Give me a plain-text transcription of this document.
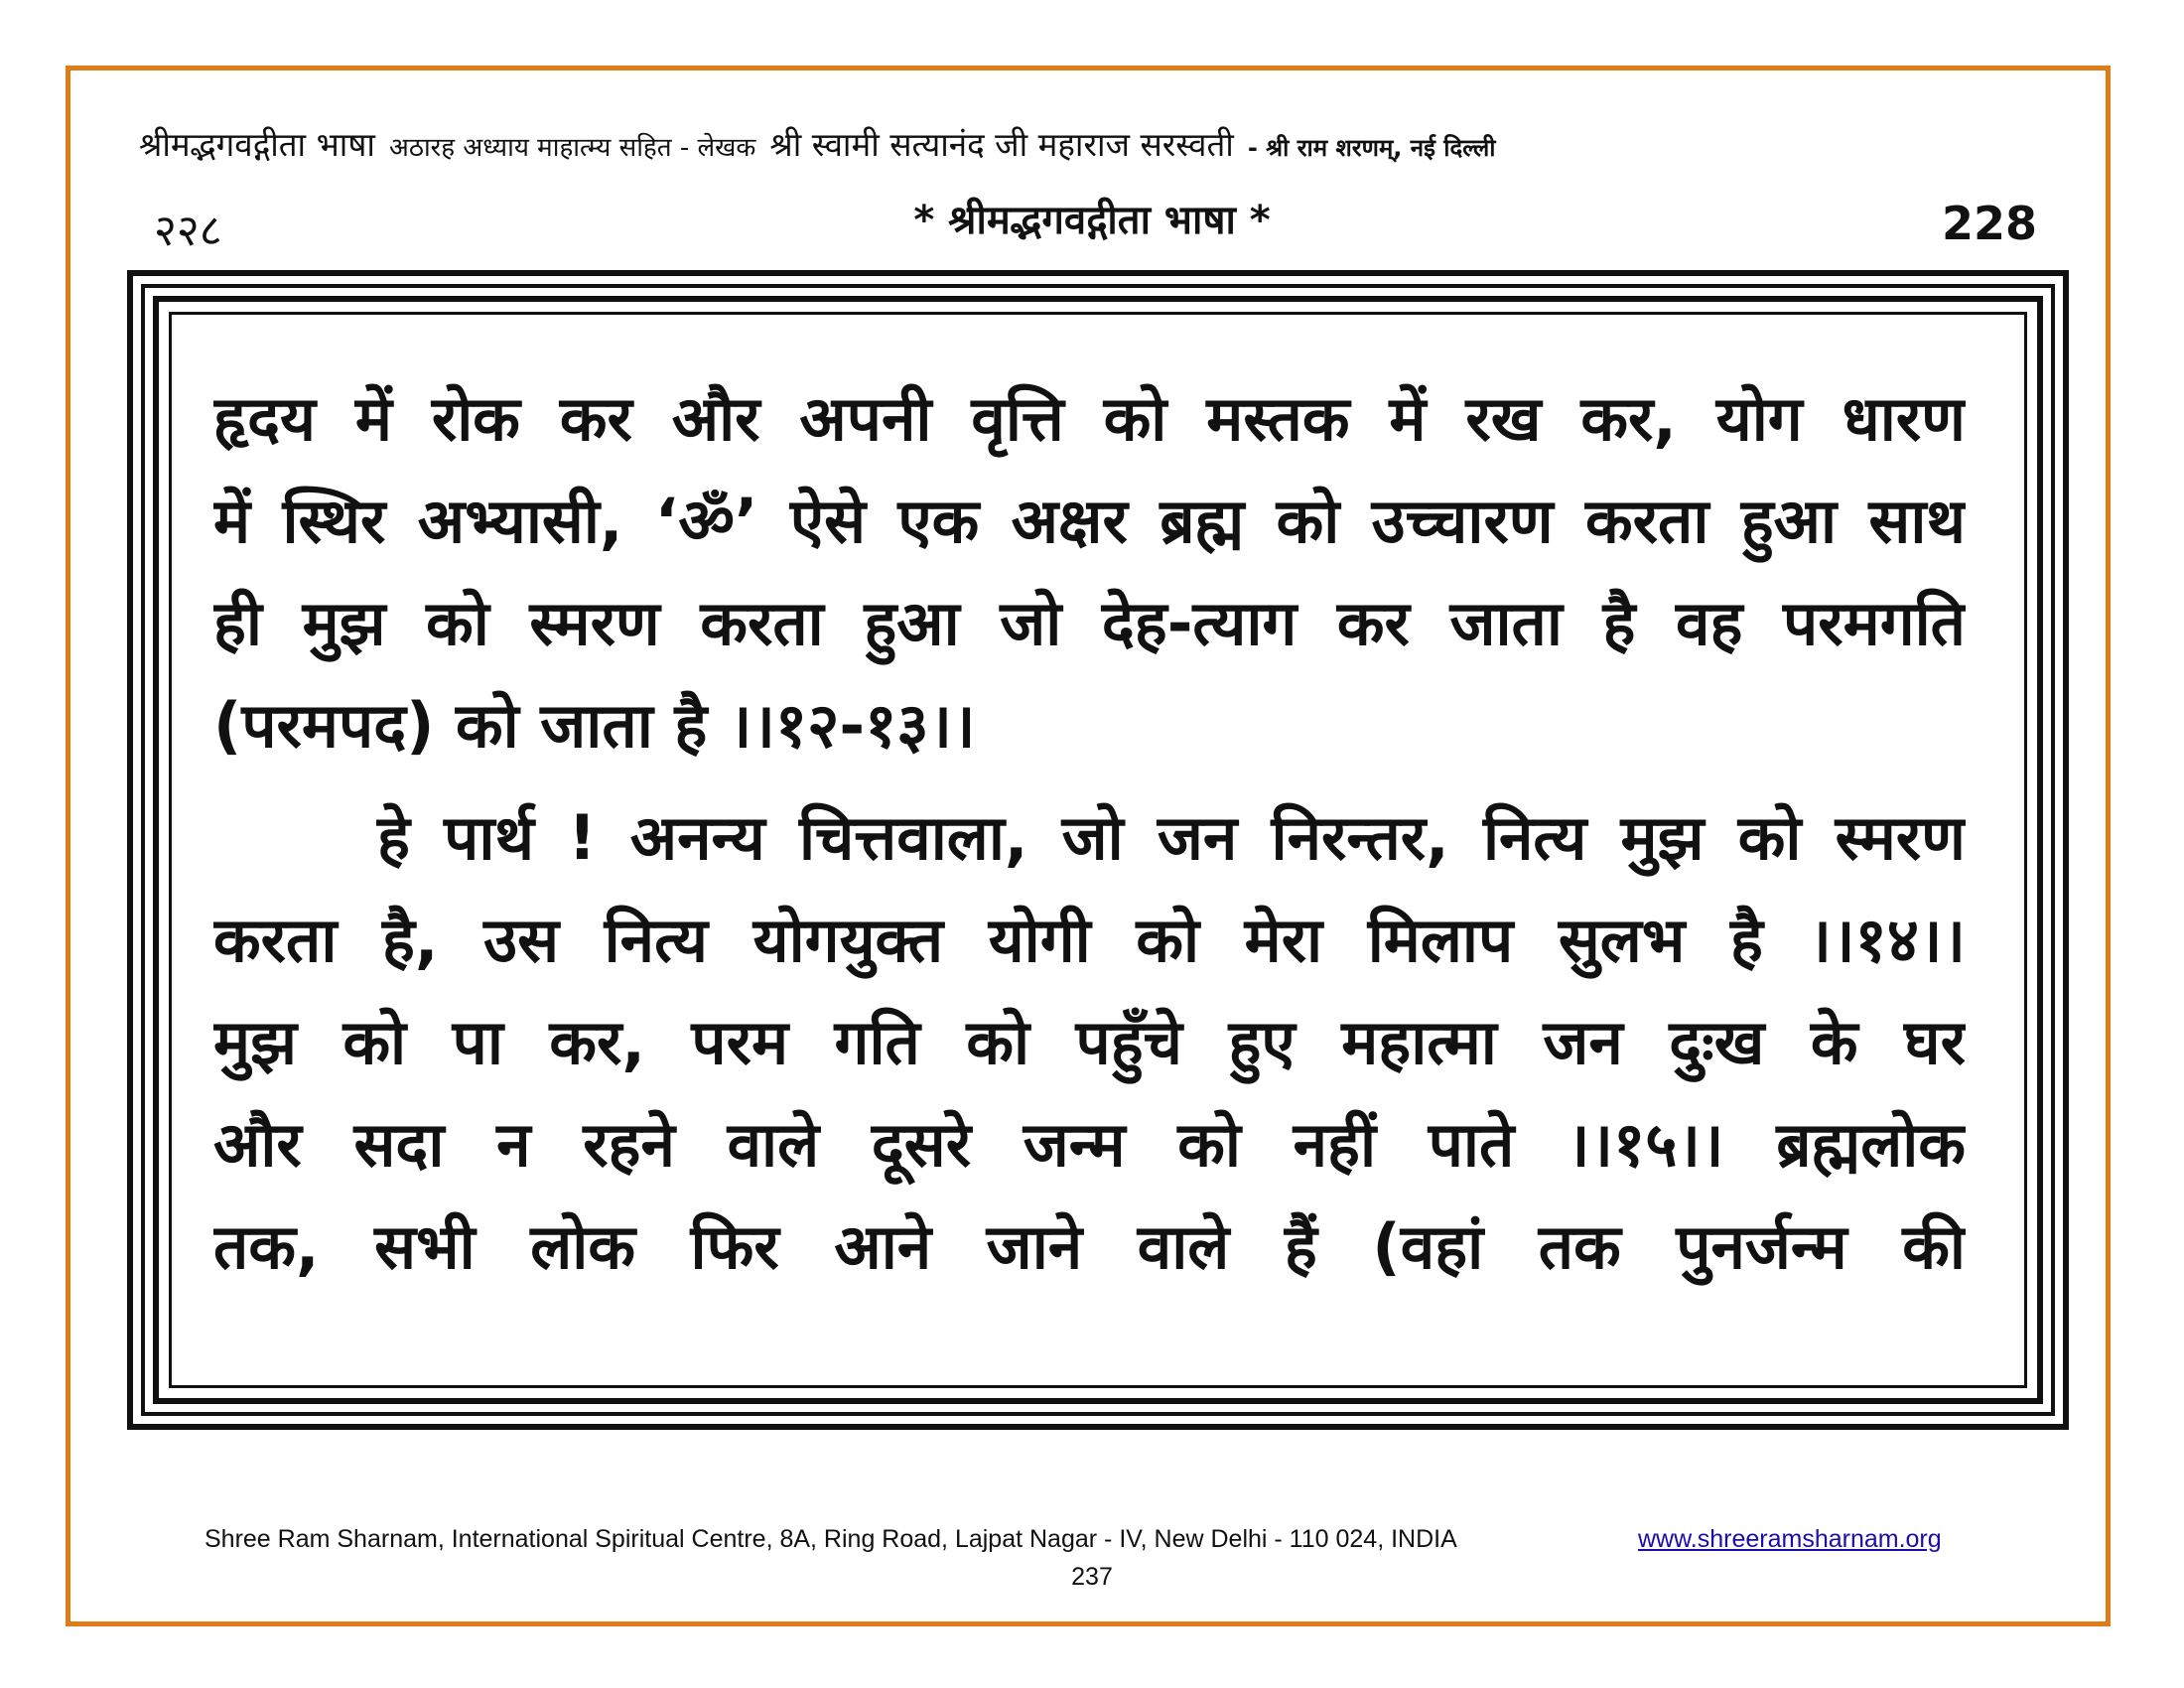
श्रीमद्भगवद्गीता भाषा अठारह अध्याय माहात्म्य सहित - लेखक श्री स्वामी सत्यानंद जी महाराज सरस्वती - श्री राम शरणम्, नई दिल्ली
२२८	* श्रीमद्भगवद्गीता भाषा *	228
हृदय में रोक कर और अपनी वृत्ति को मस्तक में रख कर, योग धारण
में स्थिर अभ्यासी, ‘ॐ’ ऐसे एक अक्षर ब्रह्म को उच्चारण करता हुआ साथ
ही मुझ को स्मरण करता हुआ जो देह-त्याग कर जाता है वह परमगति
(परमपद) को जाता है ।।१२-१३।।
हे पार्थ ! अनन्य चित्तवाला, जो जन निरन्तर, नित्य मुझ को स्मरण
करता है, उस नित्य योगयुक्त योगी को मेरा मिलाप सुलभ है ।।१४।।
मुझ को पा कर, परम गति को पहुँचे हुए महात्मा जन दुःख के घर
और सदा न रहने वाले दूसरे जन्म को नहीं पाते ।।१५।। ब्रह्मलोक
तक, सभी लोक फिर आने जाने वाले हैं (वहां तक पुनर्जन्म की
Shree Ram Sharnam, International Spiritual Centre, 8A, Ring Road, Lajpat Nagar - IV, New Delhi - 110 024, INDIA	www.shreeramsharnam.org
237
